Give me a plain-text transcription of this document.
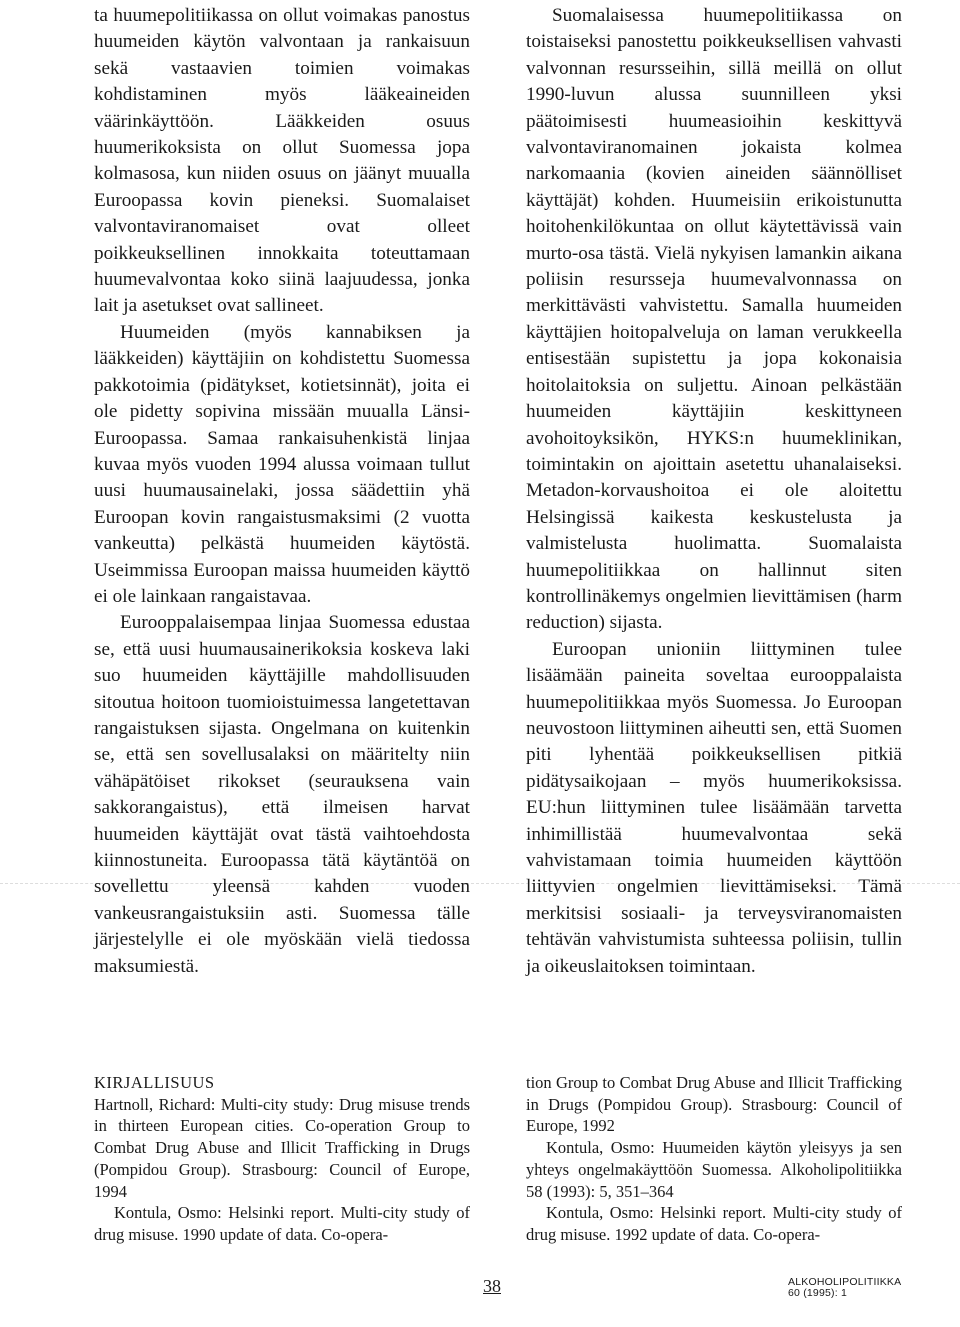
ta huumepolitiikassa on ollut voimakas panostus huumeiden käytön valvontaan ja rankaisuun sekä vastaavien toimien voimakas kohdistaminen myös lääkeaineiden väärinkäyttöön. Lääkkeiden osuus huumerikoksista on ollut Suomessa jopa kolmasosa, kun niiden osuus on jäänyt muualla Euroopassa kovin pieneksi. Suomalaiset valvontaviranomaiset ovat olleet poikkeuksellinen innokkaita toteuttamaan huumevalvontaa koko siinä laajuudessa, jonka lait ja asetukset ovat sallineet.

Huumeiden (myös kannabiksen ja lääkkeiden) käyttäjiin on kohdistettu Suomessa pakkotoimia (pidätykset, kotietsinnät), joita ei ole pidetty sopivina missään muualla Länsi-Euroopassa. Samaa rankaisuhenkistä linjaa kuvaa myös vuoden 1994 alussa voimaan tullut uusi huumausainelaki, jossa säädettiin yhä Euroopan kovin rangaistusmaksimi (2 vuotta vankeutta) pelkästä huumeiden käytöstä. Useimmissa Euroopan maissa huumeiden käyttö ei ole lainkaan rangaistavaa.

Eurooppalaisempaa linjaa Suomessa edustaa se, että uusi huumausainerikoksia koskeva laki suo huumeiden käyttäjille mahdollisuuden sitoutua hoitoon tuomioistuimessa langetettavan rangaistuksen sijasta. Ongelmana on kuitenkin se, että sen sovellusalaksi on määritelty niin vähäpätöiset rikokset (seurauksena vain sakkorangaistus), että ilmeisen harvat huumeiden käyttäjät ovat tästä vaihtoehdosta kiinnostuneita. Euroopassa tätä käytäntöä on sovellettu yleensä kahden vuoden vankeusrangaistuksiin asti. Suomessa tälle järjestelylle ei ole myöskään vielä tiedossa maksumiestä.

Suomalaisessa huumepolitiikassa on toistaiseksi panostettu poikkeuksellisen vahvasti valvonnan resursseihin, sillä meillä on ollut 1990-luvun alussa suunnilleen yksi päätoimisesti huumeasioihin keskittyvä valvontaviranomainen jokaista kolmea narkomaania (kovien aineiden säännölliset käyttäjät) kohden. Huumeisiin erikoistunutta hoitohenkilökuntaa on ollut käytettävissä vain murto-osa tästä. Vielä nykyisen lamankin aikana poliisin resursseja huumevalvonnassa on merkittävästi vahvistettu. Samalla huumeiden käyttäjien hoitopalveluja on laman verukkeella entisestään supistettu ja jopa kokonaisia hoitolaitoksia on suljettu. Ainoan pelkästään huumeiden käyttäjiin keskittyneen avohoitoyksikön, HYKS:n huumeklinikan, toimintakin on ajoittain asetettu uhanalaiseksi. Metadon-korvaushoitoa ei ole aloitettu Helsingissä kaikesta keskustelusta ja valmistelusta huolimatta. Suomalaista huumepolitiikkaa on hallinnut siten kontrollinäkemys ongelmien lievittämisen (harm reduction) sijasta.

Euroopan unioniin liittyminen tulee lisäämään paineita soveltaa eurooppalaista huumepolitiikkaa myös Suomessa. Jo Euroopan neuvostoon liittyminen aiheutti sen, että Suomen piti lyhentää poikkeuksellisen pitkiä pidätysaikojaan – myös huumerikoksissa. EU:hun liittyminen tulee lisäämään tarvetta inhimillistää huumevalvontaa sekä vahvistamaan toimia huumeiden käyttöön liittyvien ongelmien lievittämiseksi. Tämä merkitsisi sosiaali- ja terveysviranomaisten tehtävän vahvistumista suhteessa poliisin, tullin ja oikeuslaitoksen toimintaan.

KIRJALLISUUS

Hartnoll, Richard: Multi-city study: Drug misuse trends in thirteen European cities. Co-operation Group to Combat Drug Abuse and Illicit Trafficking in Drugs (Pompidou Group). Strasbourg: Council of Europe, 1994

Kontula, Osmo: Helsinki report. Multi-city study of drug misuse. 1990 update of data. Co-opera-

tion Group to Combat Drug Abuse and Illicit Trafficking in Drugs (Pompidou Group). Strasbourg: Council of Europe, 1992

Kontula, Osmo: Huumeiden käytön yleisyys ja sen yhteys ongelmakäyttöön Suomessa. Alkoholipolitiikka 58 (1993): 5, 351–364

Kontula, Osmo: Helsinki report. Multi-city study of drug misuse. 1992 update of data. Co-opera-

38	ALKOHOLIPOLITIIKKA
60 (1995): 1
